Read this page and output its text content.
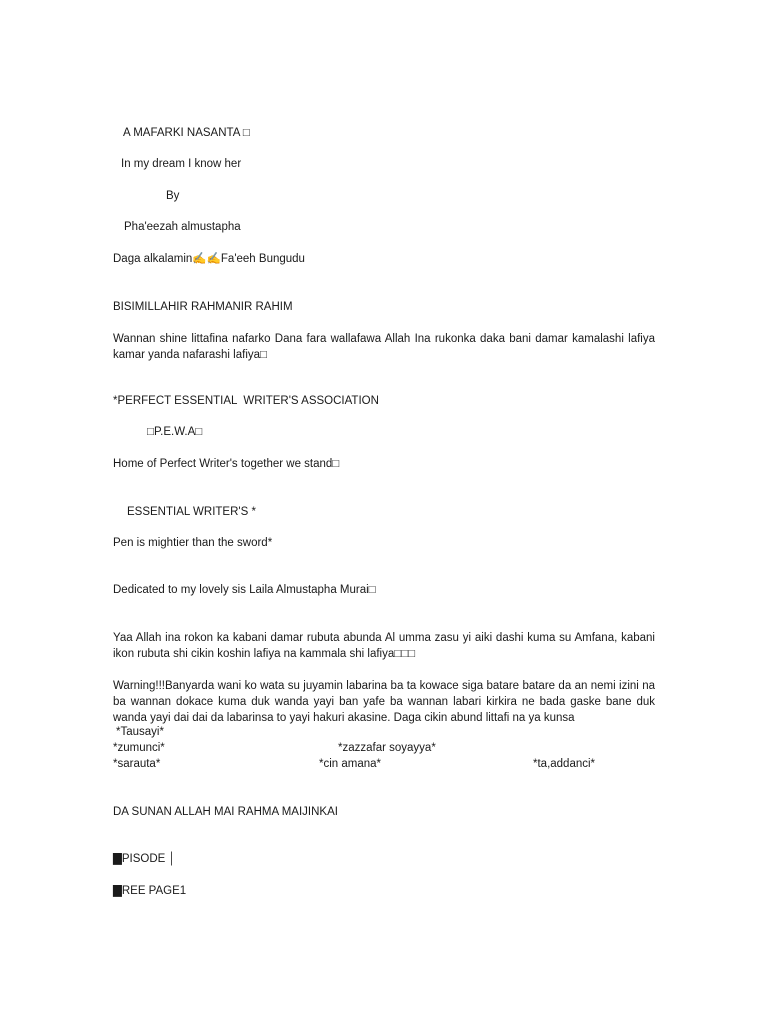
A MAFARKI NASANTA □
In my dream I know her
By
Pha'eezah almustapha
Daga alkalamin✍️✍️Fa'eeh Bungudu
BISIMILLAHIR RAHMANIR RAHIM
Wannan shine littafina nafarko Dana fara wallafawa Allah Ina rukonka daka bani damar kamalashi lafiya kamar yanda nafarashi lafiya□
*PERFECT ESSENTIAL  WRITER'S ASSOCIATION
□P.E.W.A□
Home of Perfect Writer's together we stand□
ESSENTIAL WRITER'S *
Pen is mightier than the sword*
Dedicated to my lovely sis Laila Almustapha Murai□
Yaa Allah ina rokon ka kabani damar rubuta abunda Al umma zasu yi aiki dashi kuma su Amfana, kabani ikon rubuta shi cikin koshin lafiya na kammala shi lafiya□□□
Warning!!!Banyarda wani ko wata su juyamin labarina ba ta kowace siga batare batare da an nemi izini na ba wannan dokace kuma duk wanda yayi ban yafe ba wannan labari kirkira ne bada gaske bane duk wanda yayi dai dai da labarinsa to yayi hakuri akasine. Daga cikin abund littafi na ya kunsa
*Tausayi*
*zumunci*	*zazzafar soyayya*
*sarauta*	*cin amana*	*ta,addanci*
DA SUNAN ALLAH MAI RAHMA MAIJINKAI
▇PISODE │
▇REE PAGE1
